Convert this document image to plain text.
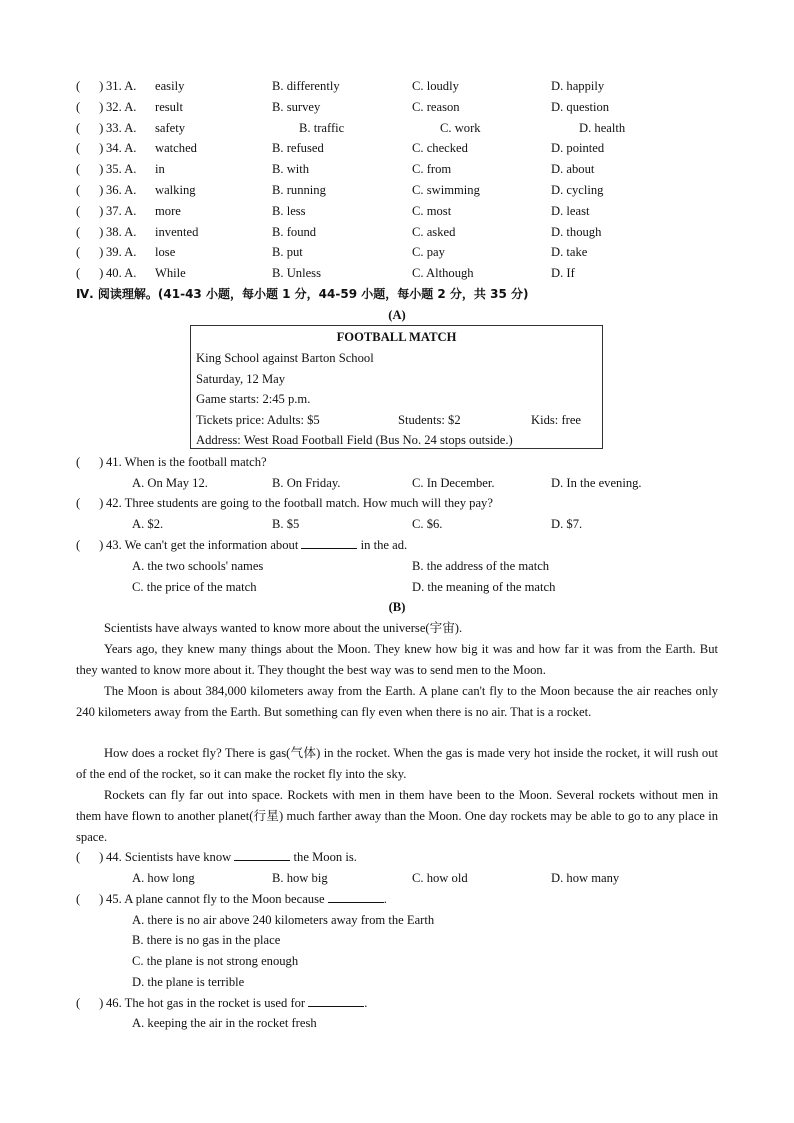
( ) 31. A. easily	B. differently	C. loudly	D. happily
( ) 32. A. result	B. survey	C. reason	D. question
( ) 33. A. safety	B. traffic	C. work	D. health
( ) 34. A. watched	B. refused	C. checked	D. pointed
( ) 35. A. in	B. with	C. from	D. about
( ) 36. A. walking	B. running	C. swimming	D. cycling
( ) 37. A. more	B. less	C. most	D. least
( ) 38. A. invented	B. found	C. asked	D. though
( ) 39. A. lose	B. put	C. pay	D. take
( ) 40. A. While	B. Unless	C. Although	D. If
Ⅳ. 阅读理解。(41-43 小题，每小题 1 分，44-59 小题，每小题 2 分，共 35 分)
(A)
FOOTBALL MATCH
King School against Barton School
Saturday, 12 May
Game starts: 2:45 p.m.
Tickets price: Adults: $5	Students: $2	Kids: free
Address: West Road Football Field (Bus No. 24 stops outside.)
( ) 41. When is the football match?
A. On May 12.	B. On Friday.	C. In December.	D. In the evening.
( ) 42. Three students are going to the football match. How much will they pay?
A. $2.	B. $5	C. $6.	D. $7.
( ) 43. We can't get the information about	in the ad.
A. the two schools' names	B. the address of the match
C. the price of the match	D. the meaning of the match
(B)

Scientists have always wanted to know more about the universe(宇宙).

Years ago, they knew many things about the Moon. They knew how big it was and how far it was from the Earth. But they wanted to know more about it. They thought the best way was to send men to the Moon.

The Moon is about 384,000 kilometers away from the Earth. A plane can't fly to the Moon because the air reaches only 240 kilometers away from the Earth. But something can fly even when there is no air. That is a rocket.

How does a rocket fly? There is gas(气体) in the rocket. When the gas is made very hot inside the rocket, it will rush out of the end of the rocket, so it can make the rocket fly into the sky.

Rockets can fly far out into space. Rockets with men in them have been to the Moon. Several rockets without men in them have flown to another planet(行星) much farther away than the Moon. One day rockets may be able to go to any place in space.

( ) 44. Scientists have know	the Moon is.
A. how long	B. how big	C. how old	D. how many
( ) 45. A plane cannot fly to the Moon because	.
A. there is no air above 240 kilometers away from the Earth
B. there is no gas in the place
C. the plane is not strong enough
D. the plane is terrible
( ) 46. The hot gas in the rocket is used for	.
A. keeping the air in the rocket fresh
